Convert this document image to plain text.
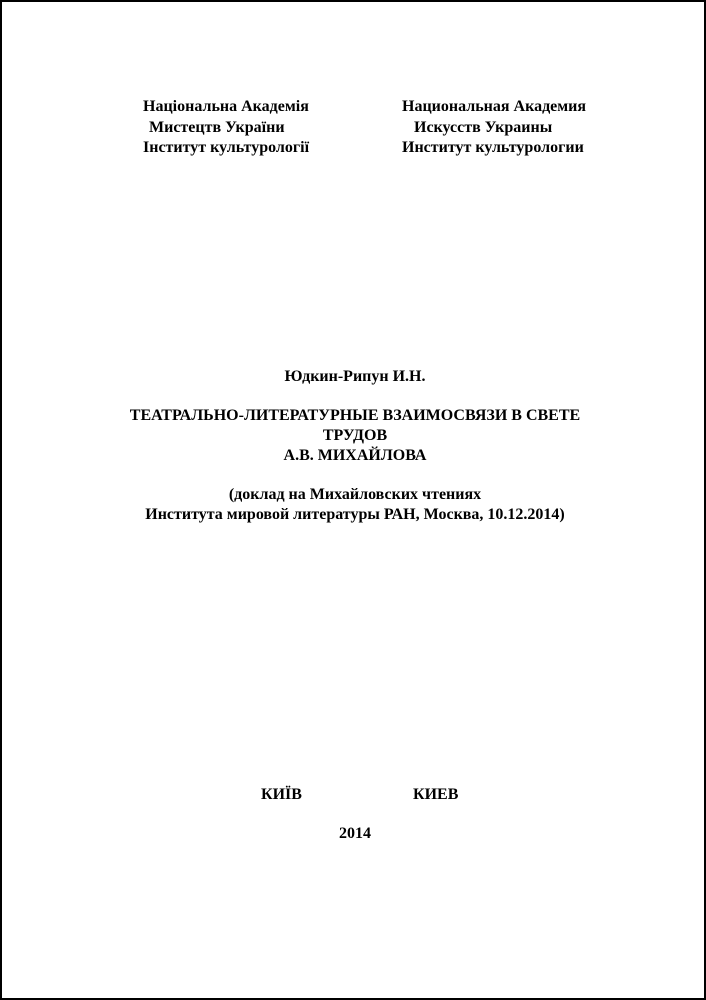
Національна Академія
Мистецтв України
Інститут культурології
Национальная Академия
Искусств Украины
Институт культурологии
Юдкин-Рипун И.Н.
ТЕАТРАЛЬНО-ЛИТЕРАТУРНЫЕ ВЗАИМОСВЯЗИ В СВЕТЕ
ТРУДОВ
А.В. МИХАЙЛОВА
(доклад на Михайловских чтениях
Института мировой литературы РАН, Москва, 10.12.2014)
КИЇВ	КИЕВ
2014
